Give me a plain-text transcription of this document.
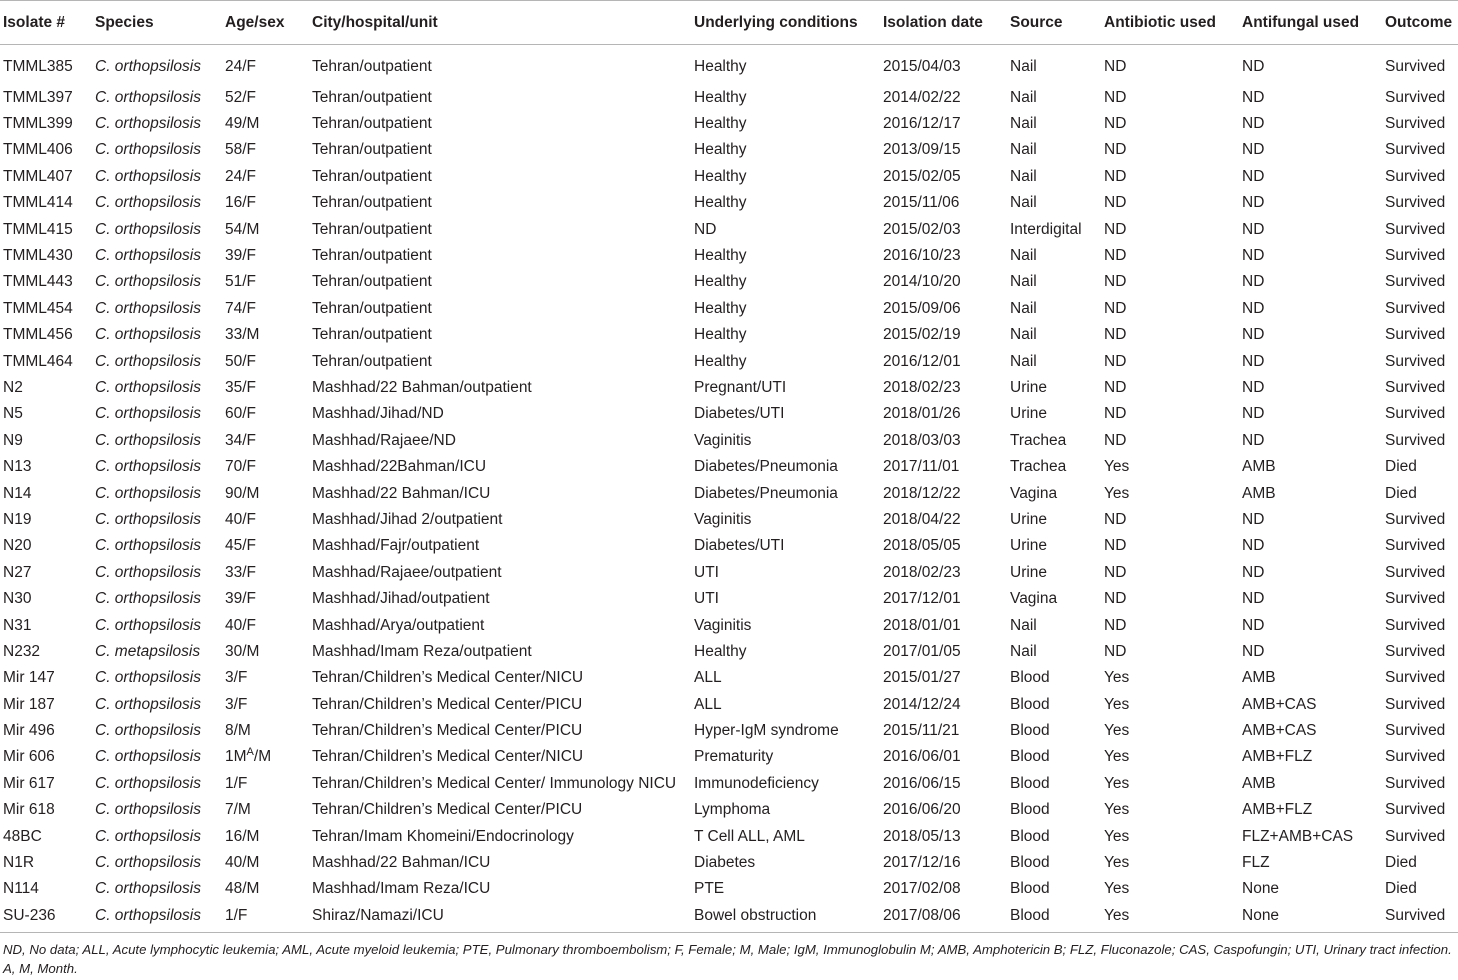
Isolate #	Species	Age/sex	City/hospital/unit	Underlying conditions	Isolation date	Source	Antibiotic used	Antifungal used	Outcome
TMML385	C. orthopsilosis	24/F	Tehran/outpatient	Healthy	2015/04/03	Nail	ND	ND	Survived
TMML397	C. orthopsilosis	52/F	Tehran/outpatient	Healthy	2014/02/22	Nail	ND	ND	Survived
TMML399	C. orthopsilosis	49/M	Tehran/outpatient	Healthy	2016/12/17	Nail	ND	ND	Survived
TMML406	C. orthopsilosis	58/F	Tehran/outpatient	Healthy	2013/09/15	Nail	ND	ND	Survived
TMML407	C. orthopsilosis	24/F	Tehran/outpatient	Healthy	2015/02/05	Nail	ND	ND	Survived
TMML414	C. orthopsilosis	16/F	Tehran/outpatient	Healthy	2015/11/06	Nail	ND	ND	Survived
TMML415	C. orthopsilosis	54/M	Tehran/outpatient	ND	2015/02/03	Interdigital	ND	ND	Survived
TMML430	C. orthopsilosis	39/F	Tehran/outpatient	Healthy	2016/10/23	Nail	ND	ND	Survived
TMML443	C. orthopsilosis	51/F	Tehran/outpatient	Healthy	2014/10/20	Nail	ND	ND	Survived
TMML454	C. orthopsilosis	74/F	Tehran/outpatient	Healthy	2015/09/06	Nail	ND	ND	Survived
TMML456	C. orthopsilosis	33/M	Tehran/outpatient	Healthy	2015/02/19	Nail	ND	ND	Survived
TMML464	C. orthopsilosis	50/F	Tehran/outpatient	Healthy	2016/12/01	Nail	ND	ND	Survived
N2	C. orthopsilosis	35/F	Mashhad/22 Bahman/outpatient	Pregnant/UTI	2018/02/23	Urine	ND	ND	Survived
N5	C. orthopsilosis	60/F	Mashhad/Jihad/ND	Diabetes/UTI	2018/01/26	Urine	ND	ND	Survived
N9	C. orthopsilosis	34/F	Mashhad/Rajaee/ND	Vaginitis	2018/03/03	Trachea	ND	ND	Survived
N13	C. orthopsilosis	70/F	Mashhad/22Bahman/ICU	Diabetes/Pneumonia	2017/11/01	Trachea	Yes	AMB	Died
N14	C. orthopsilosis	90/M	Mashhad/22 Bahman/ICU	Diabetes/Pneumonia	2018/12/22	Vagina	Yes	AMB	Died
N19	C. orthopsilosis	40/F	Mashhad/Jihad 2/outpatient	Vaginitis	2018/04/22	Urine	ND	ND	Survived
N20	C. orthopsilosis	45/F	Mashhad/Fajr/outpatient	Diabetes/UTI	2018/05/05	Urine	ND	ND	Survived
N27	C. orthopsilosis	33/F	Mashhad/Rajaee/outpatient	UTI	2018/02/23	Urine	ND	ND	Survived
N30	C. orthopsilosis	39/F	Mashhad/Jihad/outpatient	UTI	2017/12/01	Vagina	ND	ND	Survived
N31	C. orthopsilosis	40/F	Mashhad/Arya/outpatient	Vaginitis	2018/01/01	Nail	ND	ND	Survived
N232	C. metapsilosis	30/M	Mashhad/Imam Reza/outpatient	Healthy	2017/01/05	Nail	ND	ND	Survived
Mir 147	C. orthopsilosis	3/F	Tehran/Children’s Medical Center/NICU	ALL	2015/01/27	Blood	Yes	AMB	Survived
Mir 187	C. orthopsilosis	3/F	Tehran/Children’s Medical Center/PICU	ALL	2014/12/24	Blood	Yes	AMB+CAS	Survived
Mir 496	C. orthopsilosis	8/M	Tehran/Children’s Medical Center/PICU	Hyper-IgM syndrome	2015/11/21	Blood	Yes	AMB+CAS	Survived
Mir 606	C. orthopsilosis	$1M^A/M$	Tehran/Children’s Medical Center/NICU	Prematurity	2016/06/01	Blood	Yes	AMB+FLZ	Survived
Mir 617	C. orthopsilosis	1/F	Tehran/Children’s Medical Center/ Immunology NICU	Immunodeficiency	2016/06/15	Blood	Yes	AMB	Survived
Mir 618	C. orthopsilosis	7/M	Tehran/Children’s Medical Center/PICU	Lymphoma	2016/06/20	Blood	Yes	AMB+FLZ	Survived
48BC	C. orthopsilosis	16/M	Tehran/Imam Khomeini/Endocrinology	T Cell ALL, AML	2018/05/13	Blood	Yes	FLZ+AMB+CAS	Survived
N1R	C. orthopsilosis	40/M	Mashhad/22 Bahman/ICU	Diabetes	2017/12/16	Blood	Yes	FLZ	Died
N114	C. orthopsilosis	48/M	Mashhad/Imam Reza/ICU	PTE	2017/02/08	Blood	Yes	None	Died
SU-236	C. orthopsilosis	1/F	Shiraz/Namazi/ICU	Bowel obstruction	2017/08/06	Blood	Yes	None	Survived
ND, No data; ALL, Acute lymphocytic leukemia; AML, Acute myeloid leukemia; PTE, Pulmonary thromboembolism; F, Female; M, Male; IgM, Immunoglobulin M; AMB, Amphotericin B; FLZ, Fluconazole; CAS, Caspofungin; UTI, Urinary tract infection. A, M, Month.
